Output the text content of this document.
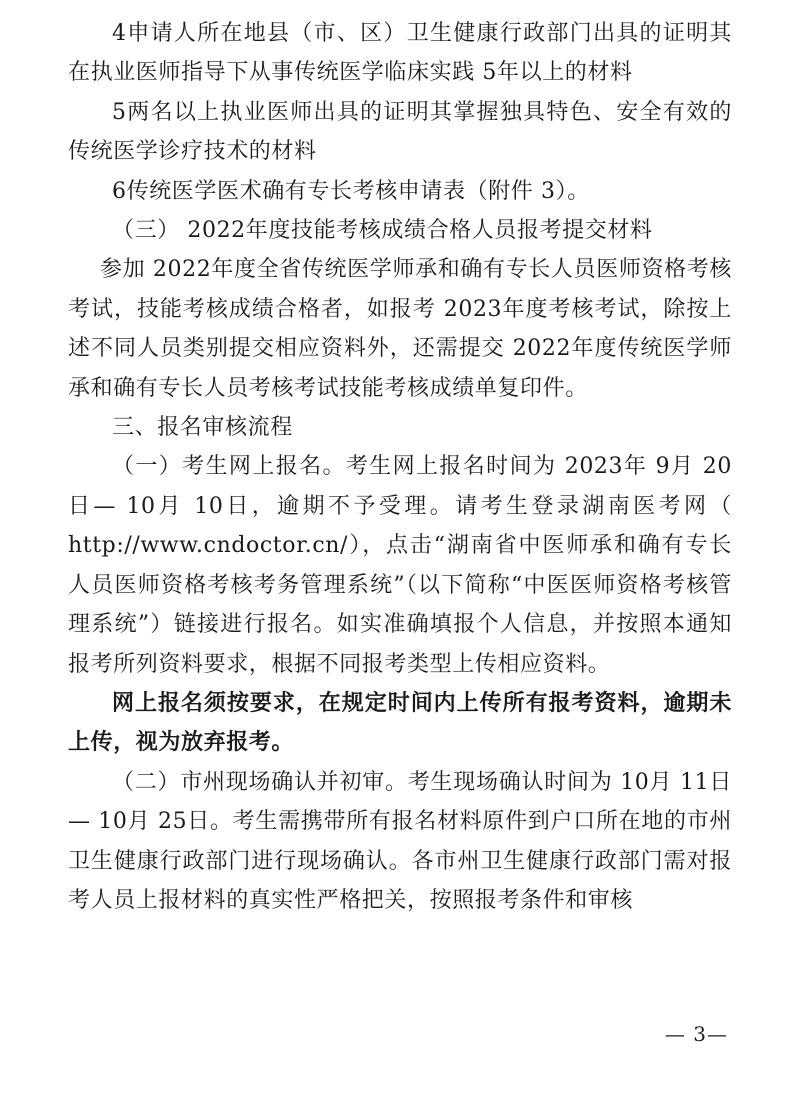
4申请人所在地县（市、区）卫生健康行政部门出具的证明其在执业医师指导下从事传统医学临床实践 5年以上的材料

5两名以上执业医师出具的证明其掌握独具特色、安全有效的传统医学诊疗技术的材料

6传统医学医术确有专长考核申请表（附件 3）。

（三） 2022年度技能考核成绩合格人员报考提交材料

参加 2022年度全省传统医学师承和确有专长人员医师资格考核考试，技能考核成绩合格者，如报考 2023年度考核考试，除按上述不同人员类别提交相应资料外，还需提交 2022年度传统医学师承和确有专长人员考核考试技能考核成绩单复印件。

三、报名审核流程

（一）考生网上报名。考生网上报名时间为 2023年 9月 20日— 10月 10日，逾期不予受理。请考生登录湖南医考网（ http://www.cndoctor.cn/），点击“湖南省中医师承和确有专长人员医师资格考核考务管理系统”（以下简称“中医医师资格考核管理系统”）链接进行报名。如实准确填报个人信息，并按照本通知报考所列资料要求，根据不同报考类型上传相应资料。

网上报名须按要求，在规定时间内上传所有报考资料，逾期未上传，视为放弃报考。

（二）市州现场确认并初审。考生现场确认时间为 10月 11日— 10月 25日。考生需携带所有报名材料原件到户口所在地的市州卫生健康行政部门进行现场确认。各市州卫生健康行政部门需对报考人员上报材料的真实性严格把关，按照报考条件和审核

— 3—
